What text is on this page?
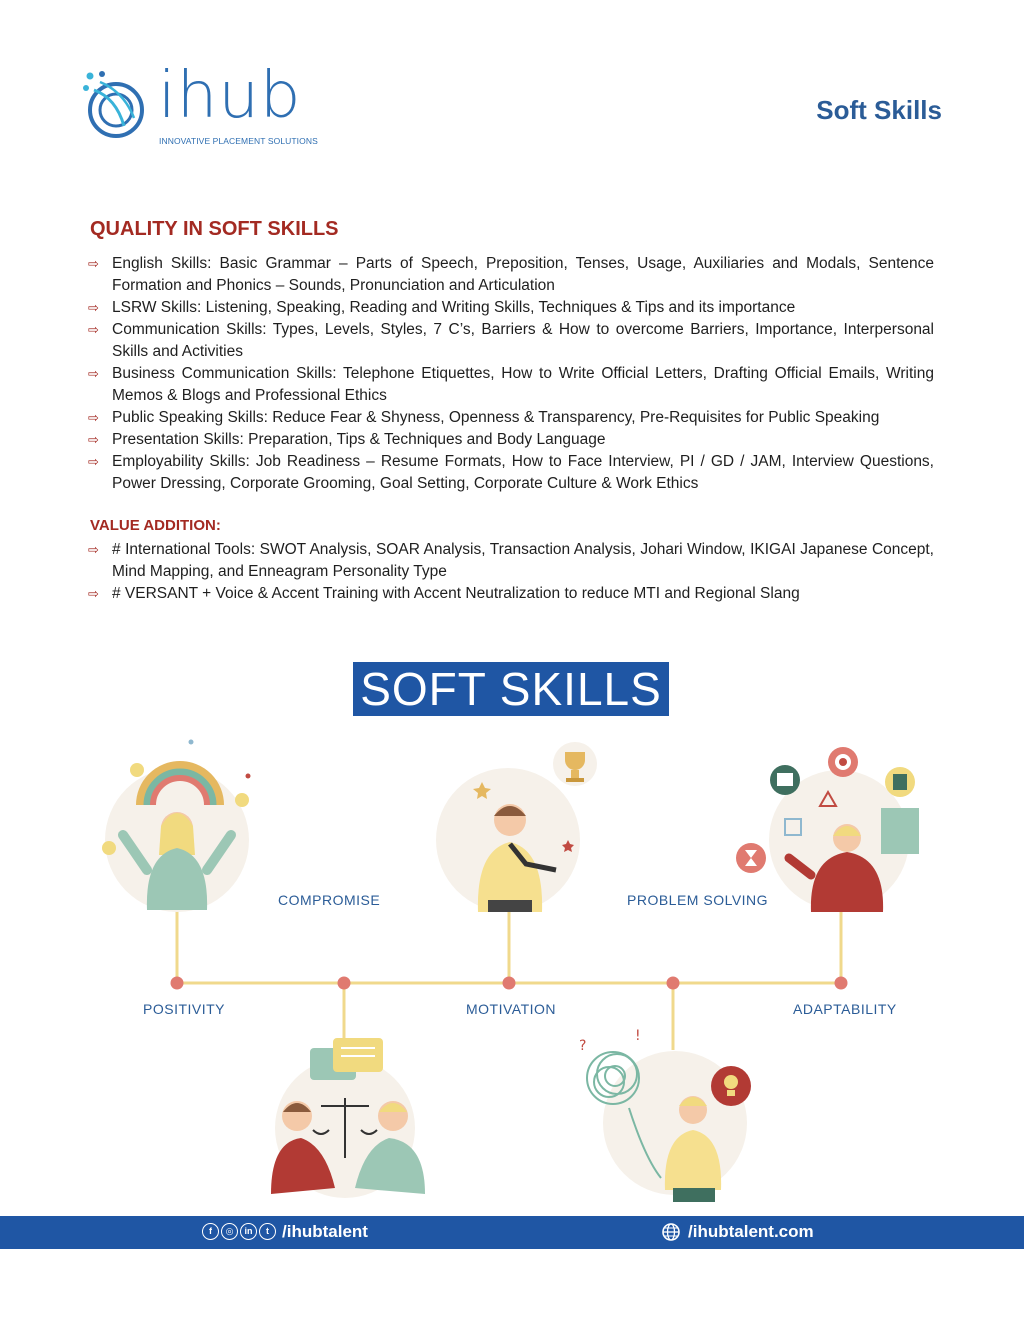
ihub
INNOVATIVE PLACEMENT SOLUTIONS
Soft Skills
QUALITY IN SOFT SKILLS
⇨ English Skills: Basic Grammar – Parts of Speech, Preposition, Tenses, Usage, Auxiliaries and Modals, Sentence Formation and Phonics – Sounds, Pronunciation and Articulation
⇨ LSRW Skills: Listening, Speaking, Reading and Writing Skills, Techniques & Tips and its importance
⇨ Communication Skills: Types, Levels, Styles, 7 C’s, Barriers & How to overcome Barriers, Importance, Interpersonal Skills and Activities
⇨ Business Communication Skills: Telephone Etiquettes, How to Write Official Letters, Drafting Official Emails, Writing Memos & Blogs and Professional Ethics
⇨ Public Speaking Skills: Reduce Fear & Shyness, Openness & Transparency, Pre-Requisites for Public Speaking
⇨ Presentation Skills: Preparation, Tips & Techniques and Body Language
⇨ Employability Skills: Job Readiness – Resume Formats, How to Face Interview, PI / GD / JAM, Interview Questions, Power Dressing, Corporate Grooming, Goal Setting, Corporate Culture & Work Ethics
VALUE ADDITION:
⇨ # International Tools: SWOT Analysis, SOAR Analysis, Transaction Analysis, Johari Window, IKIGAI Japanese Concept, Mind Mapping, and Enneagram Personality Type
⇨ # VERSANT + Voice & Accent Training with Accent Neutralization to reduce MTI and Regional Slang
SOFT SKILLS
?
!
COMPROMISE	PROBLEM SOLVING
POSITIVITY	MOTIVATION	ADAPTABILITY
f	◎	in	t /ihubtalent	/ihubtalent.com
